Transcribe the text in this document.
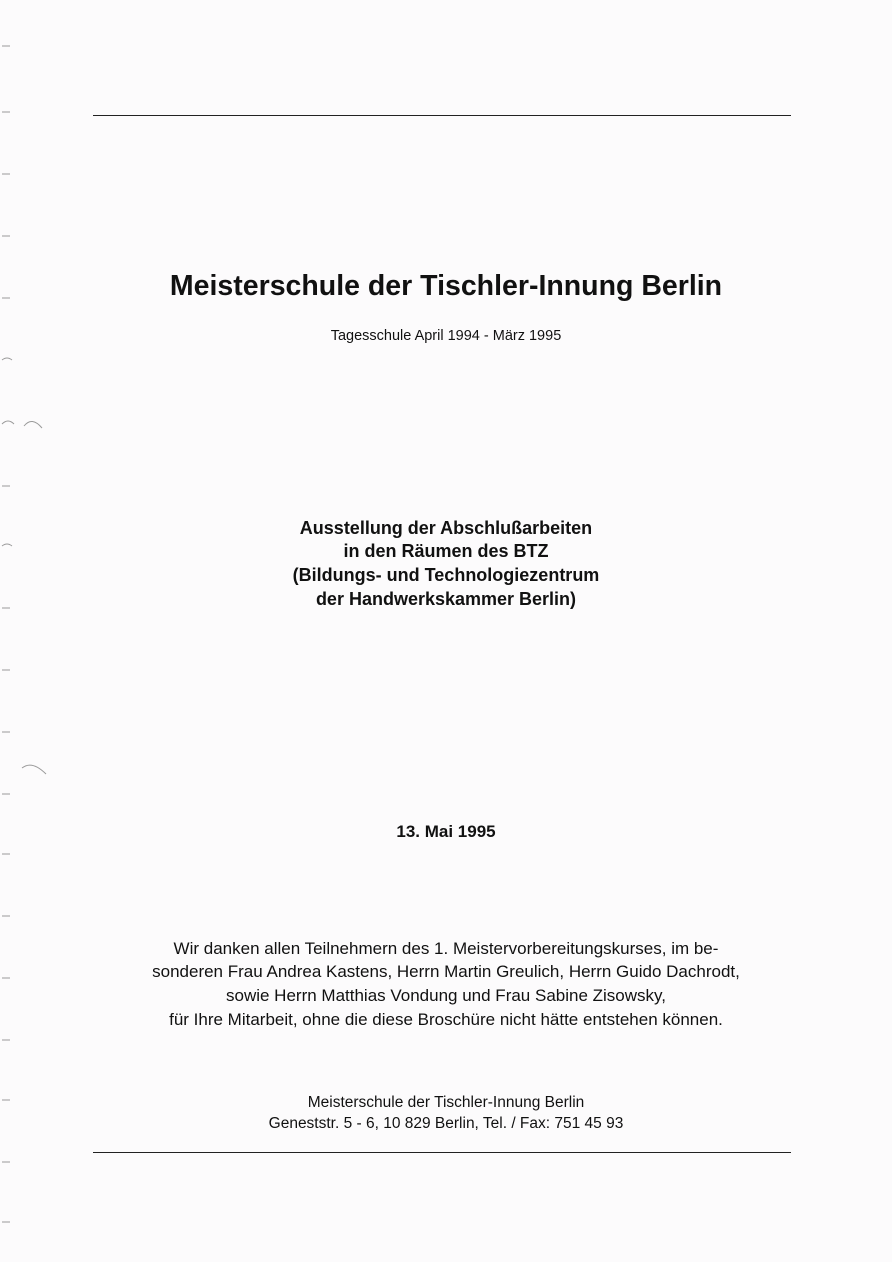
Meisterschule der Tischler-Innung Berlin
Tagesschule April 1994 - März 1995
Ausstellung der Abschlußarbeiten
in den Räumen des BTZ
(Bildungs- und Technologiezentrum
der Handwerkskammer Berlin)
13. Mai 1995
Wir danken allen Teilnehmern des 1. Meistervorbereitungskurses, im be-
sonderen Frau Andrea Kastens, Herrn Martin Greulich, Herrn Guido Dachrodt,
sowie Herrn Matthias Vondung und Frau Sabine Zisowsky,
für Ihre Mitarbeit, ohne die diese Broschüre nicht hätte entstehen können.
Meisterschule der Tischler-Innung Berlin
Geneststr. 5 - 6, 10 829 Berlin, Tel. / Fax: 751 45 93
